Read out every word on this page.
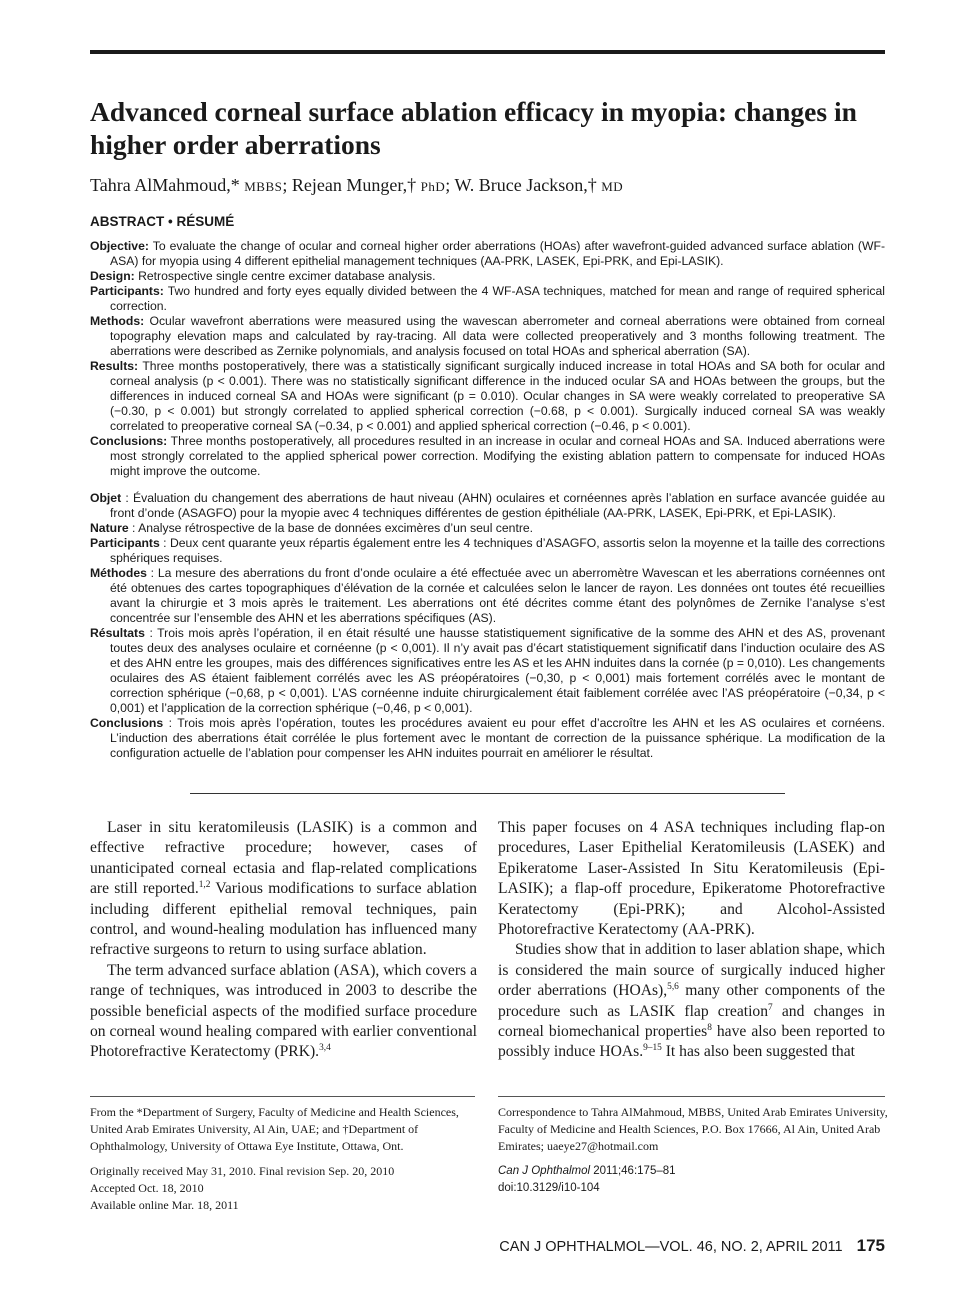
Advanced corneal surface ablation efficacy in myopia: changes in higher order aberrations
Tahra AlMahmoud,* MBBS; Rejean Munger,† PhD; W. Bruce Jackson,† MD
ABSTRACT • RÉSUMÉ

Objective: To evaluate the change of ocular and corneal higher order aberrations (HOAs) after wavefront-guided advanced surface ablation (WF-ASA) for myopia using 4 different epithelial management techniques (AA-PRK, LASEK, Epi-PRK, and Epi-LASIK).

Design: Retrospective single centre excimer database analysis.

Participants: Two hundred and forty eyes equally divided between the 4 WF-ASA techniques, matched for mean and range of required spherical correction.

Methods: Ocular wavefront aberrations were measured using the wavescan aberrometer and corneal aberrations were obtained from corneal topography elevation maps and calculated by ray-tracing. All data were collected preoperatively and 3 months following treatment. The aberrations were described as Zernike polynomials, and analysis focused on total HOAs and spherical aberration (SA).

Results: Three months postoperatively, there was a statistically significant surgically induced increase in total HOAs and SA both for ocular and corneal analysis (p < 0.001). There was no statistically significant difference in the induced ocular SA and HOAs between the groups, but the differences in induced corneal SA and HOAs were significant (p = 0.010). Ocular changes in SA were weakly correlated to preoperative SA (−0.30, p < 0.001) but strongly correlated to applied spherical correction (−0.68, p < 0.001). Surgically induced corneal SA was weakly correlated to preoperative corneal SA (−0.34, p < 0.001) and applied spherical correction (−0.46, p < 0.001).

Conclusions: Three months postoperatively, all procedures resulted in an increase in ocular and corneal HOAs and SA. Induced aberrations were most strongly correlated to the applied spherical power correction. Modifying the existing ablation pattern to compensate for induced HOAs might improve the outcome.

Objet : Évaluation du changement des aberrations de haut niveau (AHN) oculaires et cornéennes après l’ablation en surface avancée guidée au front d’onde (ASAGFO) pour la myopie avec 4 techniques différentes de gestion épithéliale (AA-PRK, LASEK, Epi-PRK, et Epi-LASIK).

Nature : Analyse rétrospective de la base de données excimères d’un seul centre.

Participants : Deux cent quarante yeux répartis également entre les 4 techniques d’ASAGFO, assortis selon la moyenne et la taille des corrections sphériques requises.

Méthodes : La mesure des aberrations du front d’onde oculaire a été effectuée avec un aberromètre Wavescan et les aberrations cornéennes ont été obtenues des cartes topographiques d’élévation de la cornée et calculées selon le lancer de rayon. Les données ont toutes été recueillies avant la chirurgie et 3 mois après le traitement. Les aberrations ont été décrites comme étant des polynômes de Zernike l’analyse s’est concentrée sur l’ensemble des AHN et les aberrations spécifiques (AS).

Résultats : Trois mois après l’opération, il en était résulté une hausse statistiquement significative de la somme des AHN et des AS, provenant toutes deux des analyses oculaire et cornéenne (p < 0,001). Il n’y avait pas d’écart statistiquement significatif dans l’induction oculaire des AS et des AHN entre les groupes, mais des différences significatives entre les AS et les AHN induites dans la cornée (p = 0,010). Les changements oculaires des AS étaient faiblement corrélés avec les AS préopératoires (−0,30, p < 0,001) mais fortement corrélés avec le montant de correction sphérique (−0,68, p < 0,001). L’AS cornéenne induite chirurgicalement était faiblement corrélée avec l’AS préopératoire (−0,34, p < 0,001) et l’application de la correction sphérique (−0,46, p < 0,001).

Conclusions : Trois mois après l’opération, toutes les procédures avaient eu pour effet d’accroître les AHN et les AS oculaires et cornéens. L’induction des aberrations était corrélée le plus fortement avec le montant de correction de la puissance sphérique. La modification de la configuration actuelle de l’ablation pour compenser les AHN induites pourrait en améliorer le résultat.

Laser in situ keratomileusis (LASIK) is a common and effective refractive procedure; however, cases of unanticipated corneal ectasia and flap-related complications are still reported.$^{1,2}$ Various modifications to surface ablation including different epithelial removal techniques, pain control, and wound-healing modulation has influenced many refractive surgeons to return to using surface ablation.

The term advanced surface ablation (ASA), which covers a range of techniques, was introduced in 2003 to describe the possible beneficial aspects of the modified surface procedure on corneal wound healing compared with earlier conventional Photorefractive Keratectomy (PRK).$^{3,4}$

This paper focuses on 4 ASA techniques including flap-on procedures, Laser Epithelial Keratomileusis (LASEK) and Epikeratome Laser-Assisted In Situ Keratomileusis (Epi-LASIK); a flap-off procedure, Epikeratome Photorefractive Keratectomy (Epi-PRK); and Alcohol-Assisted Photorefractive Keratectomy (AA-PRK).

Studies show that in addition to laser ablation shape, which is considered the main source of surgically induced higher order aberrations (HOAs),$^{5,6}$ many other components of the procedure such as LASIK flap creation$^7$ and changes in corneal biomechanical properties$^8$ have also been reported to possibly induce HOAs.$^{9-15}$ It has also been suggested that

From the *Department of Surgery, Faculty of Medicine and Health Sciences, United Arab Emirates University, Al Ain, UAE; and †Department of Ophthalmology, University of Ottawa Eye Institute, Ottawa, Ont.

Originally received May 31, 2010. Final revision Sep. 20, 2010

Accepted Oct. 18, 2010

Available online Mar. 18, 2011

Correspondence to Tahra AlMahmoud, MBBS, United Arab Emirates University, Faculty of Medicine and Health Sciences, P.O. Box 17666, Al Ain, United Arab Emirates; uaeye27@hotmail.com

Can J Ophthalmol 2011;46:175–81

doi:10.3129/i10-104

CAN J OPHTHALMOL—VOL. 46, NO. 2, APRIL 2011 175
